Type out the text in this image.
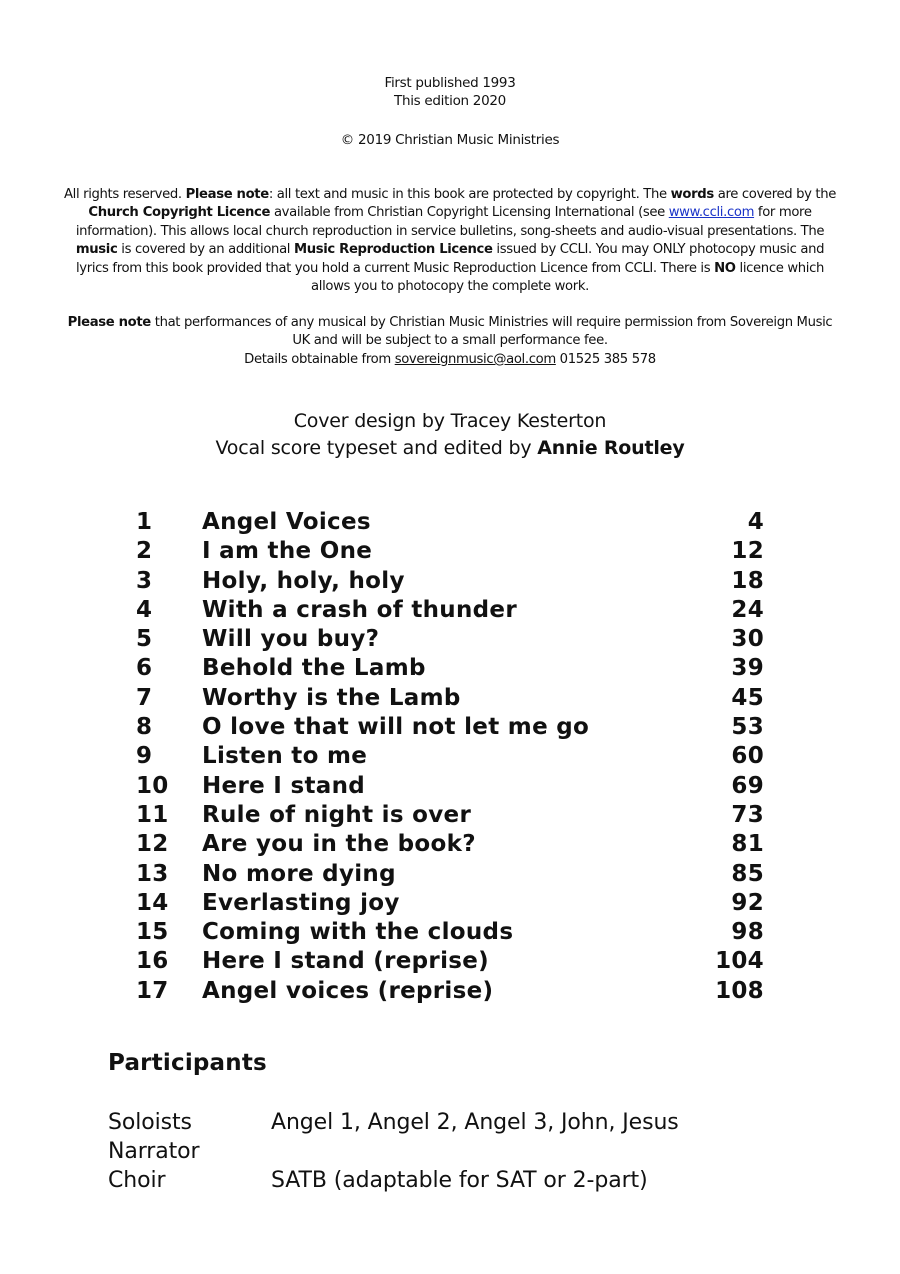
First published 1993
This edition 2020
© 2019 Christian Music Ministries
All rights reserved. Please note: all text and music in this book are protected by copyright. The words are covered by the Church Copyright Licence available from Christian Copyright Licensing International (see www.ccli.com for more information). This allows local church reproduction in service bulletins, song-sheets and audio-visual presentations. The music is covered by an additional Music Reproduction Licence issued by CCLI. You may ONLY photocopy music and lyrics from this book provided that you hold a current Music Reproduction Licence from CCLI. There is NO licence which allows you to photocopy the complete work.
Please note that performances of any musical by Christian Music Ministries will require permission from Sovereign Music UK and will be subject to a small performance fee.
Details obtainable from sovereignmusic@aol.com 01525 385 578
Cover design by Tracey Kesterton
Vocal score typeset and edited by Annie Routley
1	Angel Voices	4
2	I am the One	12
3	Holy, holy, holy	18
4	With a crash of thunder	24
5	Will you buy?	30
6	Behold the Lamb	39
7	Worthy is the Lamb	45
8	O love that will not let me go	53
9	Listen to me	60
10	Here I stand	69
11	Rule of night is over	73
12	Are you in the book?	81
13	No more dying	85
14	Everlasting joy	92
15	Coming with the clouds	98
16	Here I stand (reprise)	104
17	Angel voices (reprise)	108
Participants
Soloists	Angel 1, Angel 2, Angel 3, John, Jesus
Narrator
Choir	SATB (adaptable for SAT or 2-part)
